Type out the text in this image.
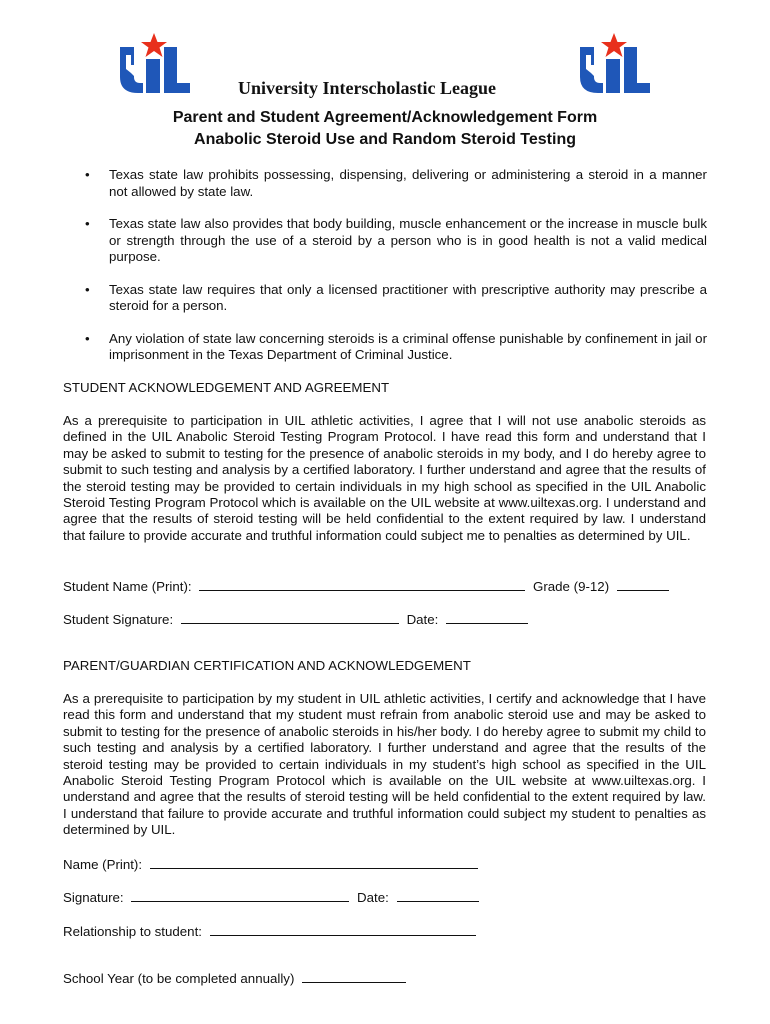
University Interscholastic League
Parent and Student Agreement/Acknowledgement Form
Anabolic Steroid Use and Random Steroid Testing
• Texas state law prohibits possessing, dispensing, delivering or administering a steroid in a manner not allowed by state law.
• Texas state law also provides that body building, muscle enhancement or the increase in muscle bulk or strength through the use of a steroid by a person who is in good health is not a valid medical purpose.
• Texas state law requires that only a licensed practitioner with prescriptive authority may prescribe a steroid for a person.
• Any violation of state law concerning steroids is a criminal offense punishable by confinement in jail or imprisonment in the Texas Department of Criminal Justice.
STUDENT ACKNOWLEDGEMENT AND AGREEMENT

As a prerequisite to participation in UIL athletic activities, I agree that I will not use anabolic steroids as defined in the UIL Anabolic Steroid Testing Program Protocol. I have read this form and understand that I may be asked to submit to testing for the presence of anabolic steroids in my body, and I do hereby agree to submit to such testing and analysis by a certified laboratory. I further understand and agree that the results of the steroid testing may be provided to certain individuals in my high school as specified in the UIL Anabolic Steroid Testing Program Protocol which is available on the UIL website at www.uiltexas.org. I understand and agree that the results of steroid testing will be held confidential to the extent required by law. I understand that failure to provide accurate and truthful information could subject me to penalties as determined by UIL.

Student Name (Print):	Grade (9-12)
Student Signature:	Date:
PARENT/GUARDIAN CERTIFICATION AND ACKNOWLEDGEMENT

As a prerequisite to participation by my student in UIL athletic activities, I certify and acknowledge that I have read this form and understand that my student must refrain from anabolic steroid use and may be asked to submit to testing for the presence of anabolic steroids in his/her body. I do hereby agree to submit my child to such testing and analysis by a certified laboratory. I further understand and agree that the results of the steroid testing may be provided to certain individuals in my student’s high school as specified in the UIL Anabolic Steroid Testing Program Protocol which is available on the UIL website at www.uiltexas.org. I understand and agree that the results of steroid testing will be held confidential to the extent required by law. I understand that failure to provide accurate and truthful information could subject my student to penalties as determined by UIL.

Name (Print):
Signature:	Date:
Relationship to student:
School Year (to be completed annually)
